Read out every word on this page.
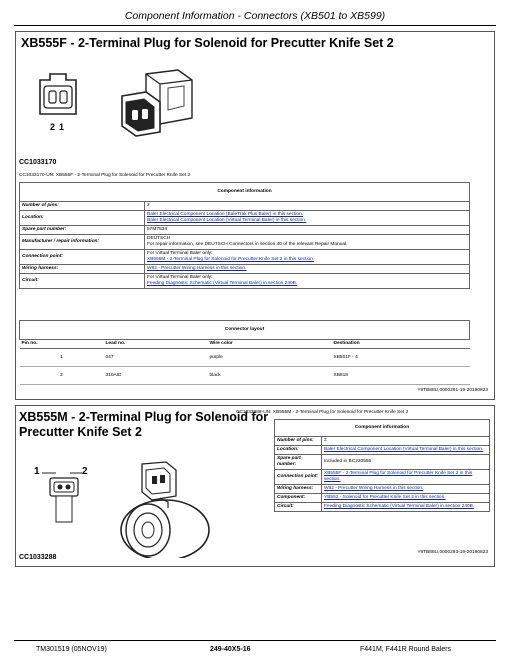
Component Information - Connectors (XB501 to XB599)
XB555F - 2-Terminal Plug for Solenoid for Precutter Knife Set 2
21
CC1033170
CC1033170-UN: XB555F - 2-Terminal Plug for Solenoid for Precutter Knife Set 2
Component information	
Number of pins:	2
Location:	Baler Electrical Component Location (BaleTrak Plus Baler) in this section.
Baler Electrical Component Location (Virtual Terminal Baler) in this section.

Spare part number:	57M7534
Manufacturer / repair information:	DEUTSCH
For repair information, see DEUTSCH Connectors in section 40 of the relevant Repair Manual.

Connection point:	For Virtual Terminal Baler only:
XB555M - 2-Terminal Plug for Solenoid for Precutter Knife Set 2 in this section.

Wiring harness:	W82 - Precutter Wiring Harness in this section.
Circuit:	For Virtual Terminal Baler only:
Feeding Diagnostic Schematic (Virtual Terminal Baler) in section 240B.
Connector layout			
Pin no.	Lead no.	Wire color	Destination
1	047	purple	XB501F - 4
2	310AID	black	XB818
Y9TB88U,0000291-19-20190823
XB555M - 2-Terminal Plug for Solenoid for
Precutter Knife Set 2
1	2
CC1033288
CC1033288-UN: XB555M - 2-Terminal Plug for Solenoid for Precutter Knife Set 2
Component information	
Number of pins:	2
Location:	Baler Electrical Component Location (Virtual Terminal Baler) in this section.
Spare part number:	Included in BC220555
Connection point:	XB555F - 2-Terminal Plug for Solenoid for Precutter Knife Set 2 in this section.
Wiring harness:	W82 - Precutter Wiring Harness in this section.
Component:	YB552 - Solenoid for Precutter Knife Set 2 in this section.
Circuit:	Feeding Diagnostic Schematic (Virtual Terminal Baler) in section 240B.
Y9TB88U,0000293-19-20190823
TM301519 (05NOV19)	249-40X5-16	F441M, F441R Round Balers
